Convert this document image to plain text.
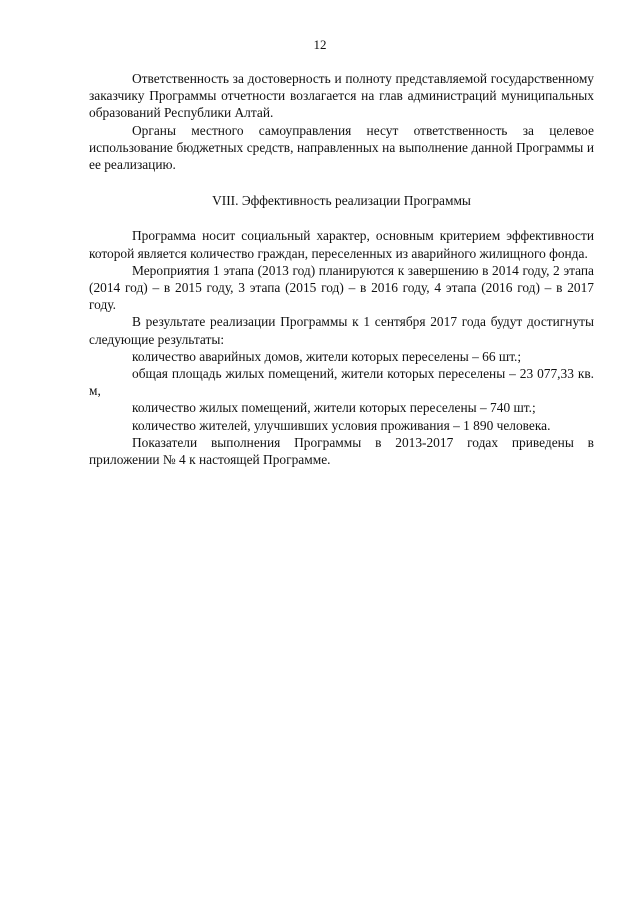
12

Ответственность за достоверность и полноту представляемой государственному заказчику Программы отчетности возлагается на глав администраций муниципальных образований Республики Алтай.

Органы местного самоуправления несут ответственность за целевое использование бюджетных средств, направленных на выполнение данной Программы и ее реализацию.

VIII. Эффективность реализации Программы

Программа носит социальный характер, основным критерием эффективности которой является количество граждан, переселенных из аварийного жилищного фонда.

Мероприятия 1 этапа (2013 год) планируются к завершению в 2014 году, 2 этапа (2014 год) – в 2015 году, 3 этапа (2015 год) – в 2016 году, 4 этапа (2016 год) – в 2017 году.

В результате реализации Программы к 1 сентября 2017 года будут достигнуты следующие результаты:

количество аварийных домов, жители которых переселены – 66 шт.;

общая площадь жилых помещений, жители которых переселены – 23 077,33 кв. м,

количество жилых помещений, жители которых переселены – 740 шт.;

количество жителей, улучшивших условия проживания – 1 890 человека.

Показатели выполнения Программы в 2013-2017 годах приведены в приложении № 4 к настоящей Программе.
